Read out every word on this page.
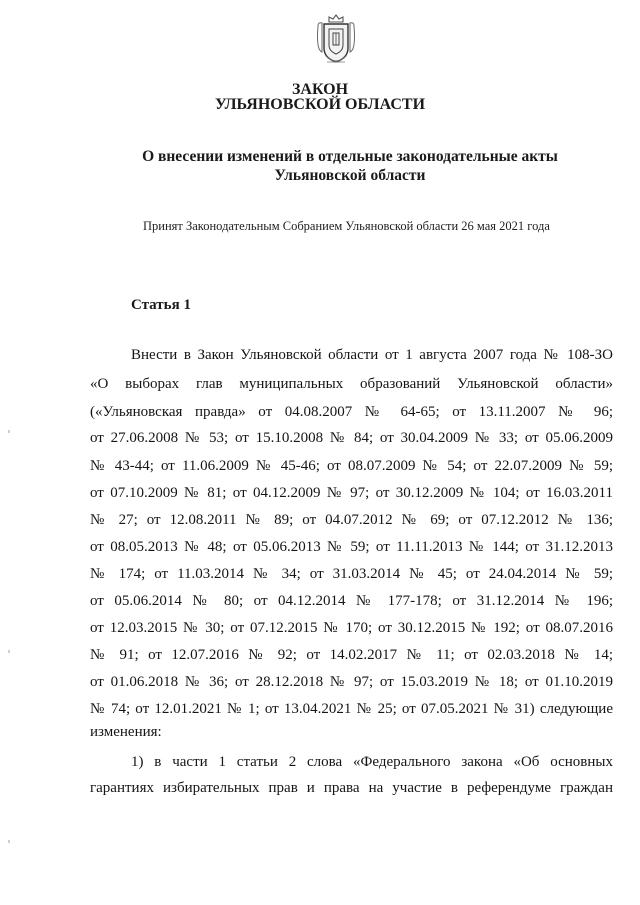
ЗАКОН
УЛЬЯНОВСКОЙ ОБЛАСТИ
О внесении изменений в отдельные законодательные акты
Ульяновской области
Принят Законодательным Собранием Ульяновской области 26 мая 2021 года
Статья 1
Внести в Закон Ульяновской области от 1 августа 2007 года № 108-ЗО
«О выборах глав муниципальных образований Ульяновской области»
(«Ульяновская правда» от 04.08.2007 № 64-65; от 13.11.2007 № 96;
от 27.06.2008 № 53; от 15.10.2008 № 84; от 30.04.2009 № 33; от 05.06.2009
№ 43-44; от 11.06.2009 № 45-46; от 08.07.2009 № 54; от 22.07.2009 № 59;
от 07.10.2009 № 81; от 04.12.2009 № 97; от 30.12.2009 № 104; от 16.03.2011
№ 27; от 12.08.2011 № 89; от 04.07.2012 № 69; от 07.12.2012 № 136;
от 08.05.2013 № 48; от 05.06.2013 № 59; от 11.11.2013 № 144; от 31.12.2013
№ 174; от 11.03.2014 № 34; от 31.03.2014 № 45; от 24.04.2014 № 59;
от 05.06.2014 № 80; от 04.12.2014 № 177-178; от 31.12.2014 № 196;
от 12.03.2015 № 30; от 07.12.2015 № 170; от 30.12.2015 № 192; от 08.07.2016
№ 91; от 12.07.2016 № 92; от 14.02.2017 № 11; от 02.03.2018 № 14;
от 01.06.2018 № 36; от 28.12.2018 № 97; от 15.03.2019 № 18; от 01.10.2019
№ 74; от 12.01.2021 № 1; от 13.04.2021 № 25; от 07.05.2021 № 31) следующие
изменения:
1) в части 1 статьи 2 слова «Федерального закона «Об основных
гарантиях избирательных прав и права на участие в референдуме граждан
